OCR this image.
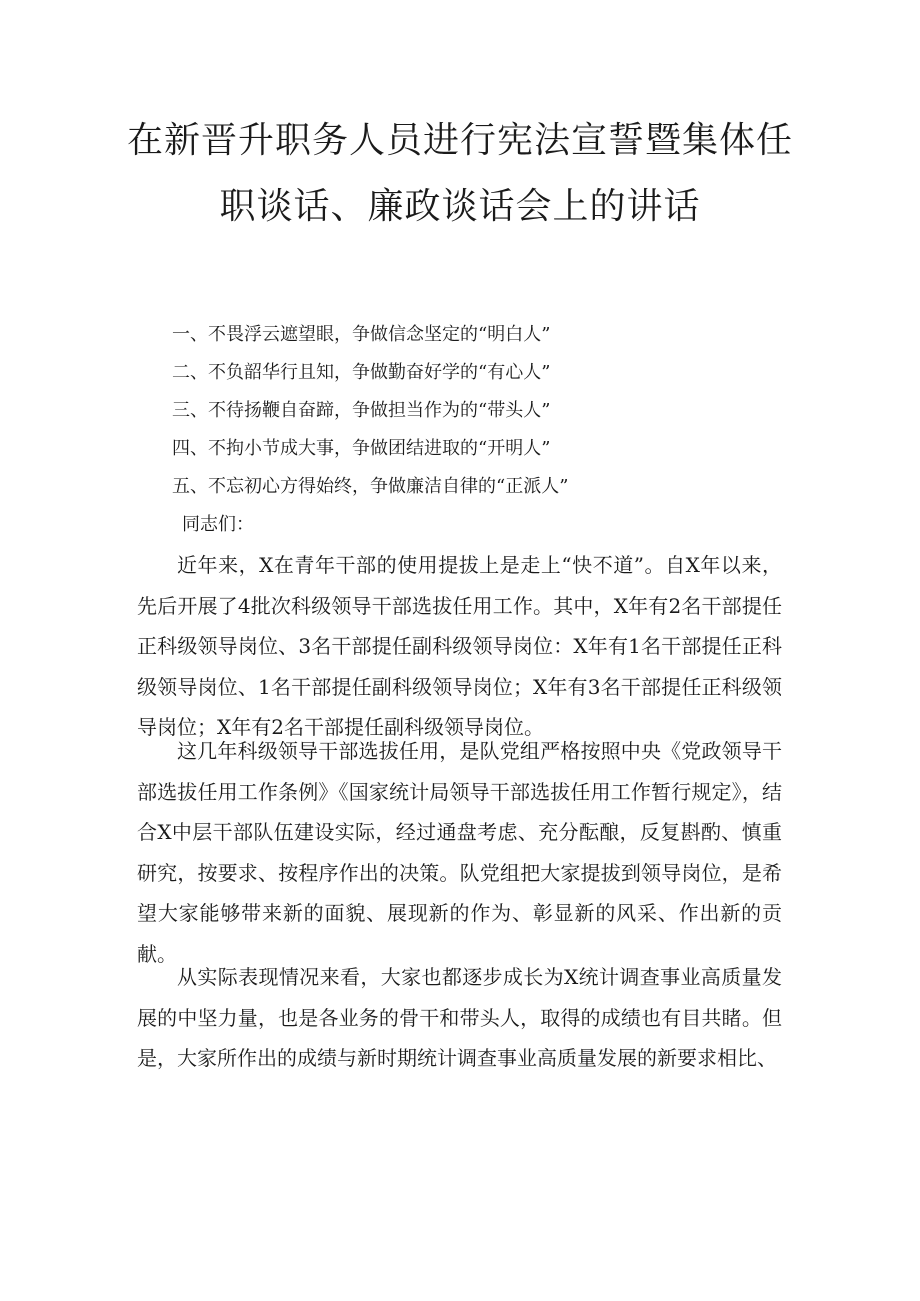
在新晋升职务人员进行宪法宣誓暨集体任
职谈话、廉政谈话会上的讲话
一、不畏浮云遮望眼，争做信念坚定的“明白人”
二、不负韶华行且知，争做勤奋好学的“有心人”
三、不待扬鞭自奋蹄，争做担当作为的“带头人”
四、不拘小节成大事，争做团结进取的“开明人”
五、不忘初心方得始终，争做廉洁自律的“正派人”

同志们：

近年来，X在青年干部的使用提拔上是走上“快不道”。自X年以来，先后开展了4批次科级领导干部选拔任用工作。其中，X年有2名干部提任正科级领导岗位、3名干部提任副科级领导岗位：X年有1名干部提任正科级领导岗位、1名干部提任副科级领导岗位；X年有3名干部提任正科级领导岗位；X年有2名干部提任副科级领导岗位。

这几年科级领导干部选拔任用，是队党组严格按照中央《党政领导干部选拔任用工作条例》《国家统计局领导干部选拔任用工作暂行规定》，结合X中层干部队伍建设实际，经过通盘考虑、充分酝酿，反复斟酌、慎重研究，按要求、按程序作出的决策。队党组把大家提拔到领导岗位，是希望大家能够带来新的面貌、展现新的作为、彰显新的风采、作出新的贡献。

从实际表现情况来看，大家也都逐步成长为X统计调查事业高质量发展的中坚力量，也是各业务的骨干和带头人，取得的成绩也有目共睹。但是，大家所作出的成绩与新时期统计调查事业高质量发展的新要求相比、
